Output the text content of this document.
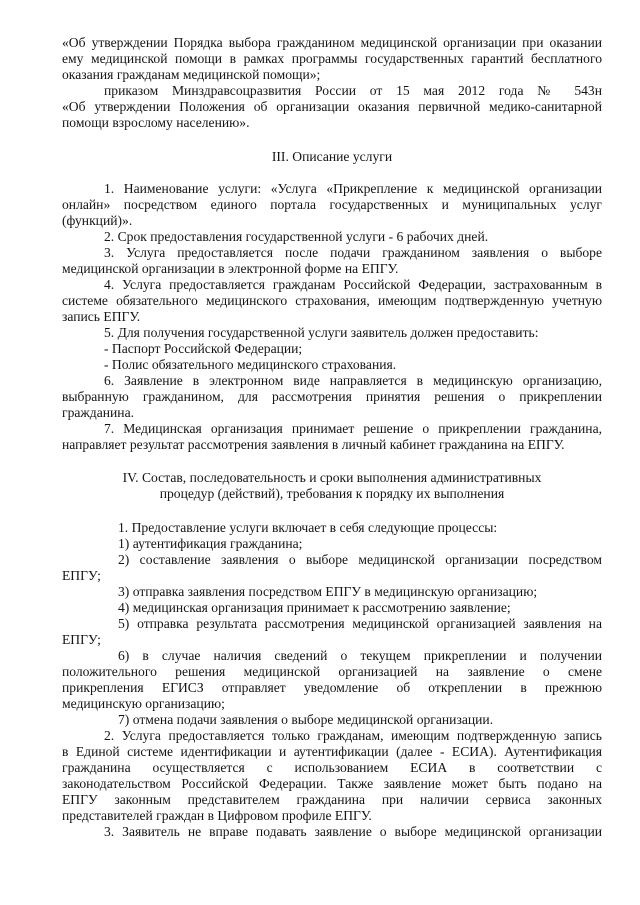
«Об утверждении Порядка выбора гражданином медицинской организации при оказании

ему медицинской помощи в рамках программы государственных гарантий бесплатного

оказания гражданам медицинской помощи»;

приказом Минздравсоцразвития России от 15 мая 2012 года № 543н

«Об утверждении Положения об организации оказания первичной медико-санитарной

помощи взрослому населению».

III. Описание услуги

1. Наименование услуги: «Услуга «Прикрепление к медицинской организации

онлайн» посредством единого портала государственных и муниципальных услуг

(функций)».

2. Срок предоставления государственной услуги - 6 рабочих дней.

3. Услуга предоставляется после подачи гражданином заявления о выборе

медицинской организации в электронной форме на ЕПГУ.

4. Услуга предоставляется гражданам Российской Федерации, застрахованным в

системе обязательного медицинского страхования, имеющим подтвержденную учетную

запись ЕПГУ.

5. Для получения государственной услуги заявитель должен предоставить:

- Паспорт Российской Федерации;

- Полис обязательного медицинского страхования.

6. Заявление в электронном виде направляется в медицинскую организацию,

выбранную гражданином, для рассмотрения принятия решения о прикреплении

гражданина.

7. Медицинская организация принимает решение о прикреплении гражданина,

направляет результат рассмотрения заявления в личный кабинет гражданина на ЕПГУ.

IV. Состав, последовательность и сроки выполнения административных

процедур (действий), требования к порядку их выполнения

1. Предоставление услуги включает в себя следующие процессы:

1) аутентификация гражданина;

2) составление заявления о выборе медицинской организации посредством

ЕПГУ;

3) отправка заявления посредством ЕПГУ в медицинскую организацию;

4) медицинская организация принимает к рассмотрению заявление;

5) отправка результата рассмотрения медицинской организацией заявления на

ЕПГУ;

6) в случае наличия сведений о текущем прикреплении и получении

положительного решения медицинской организацией на заявление о смене

прикрепления ЕГИСЗ отправляет уведомление об откреплении в прежнюю

медицинскую организацию;

7) отмена подачи заявления о выборе медицинской организации.

2. Услуга предоставляется только гражданам, имеющим подтвержденную запись

в Единой системе идентификации и аутентификации (далее - ЕСИА). Аутентификация

гражданина осуществляется с использованием ЕСИА в соответствии с

законодательством Российской Федерации. Также заявление может быть подано на

ЕПГУ законным представителем гражданина при наличии сервиса законных

представителей граждан в Цифровом профиле ЕПГУ.

3. Заявитель не вправе подавать заявление о выборе медицинской организации
